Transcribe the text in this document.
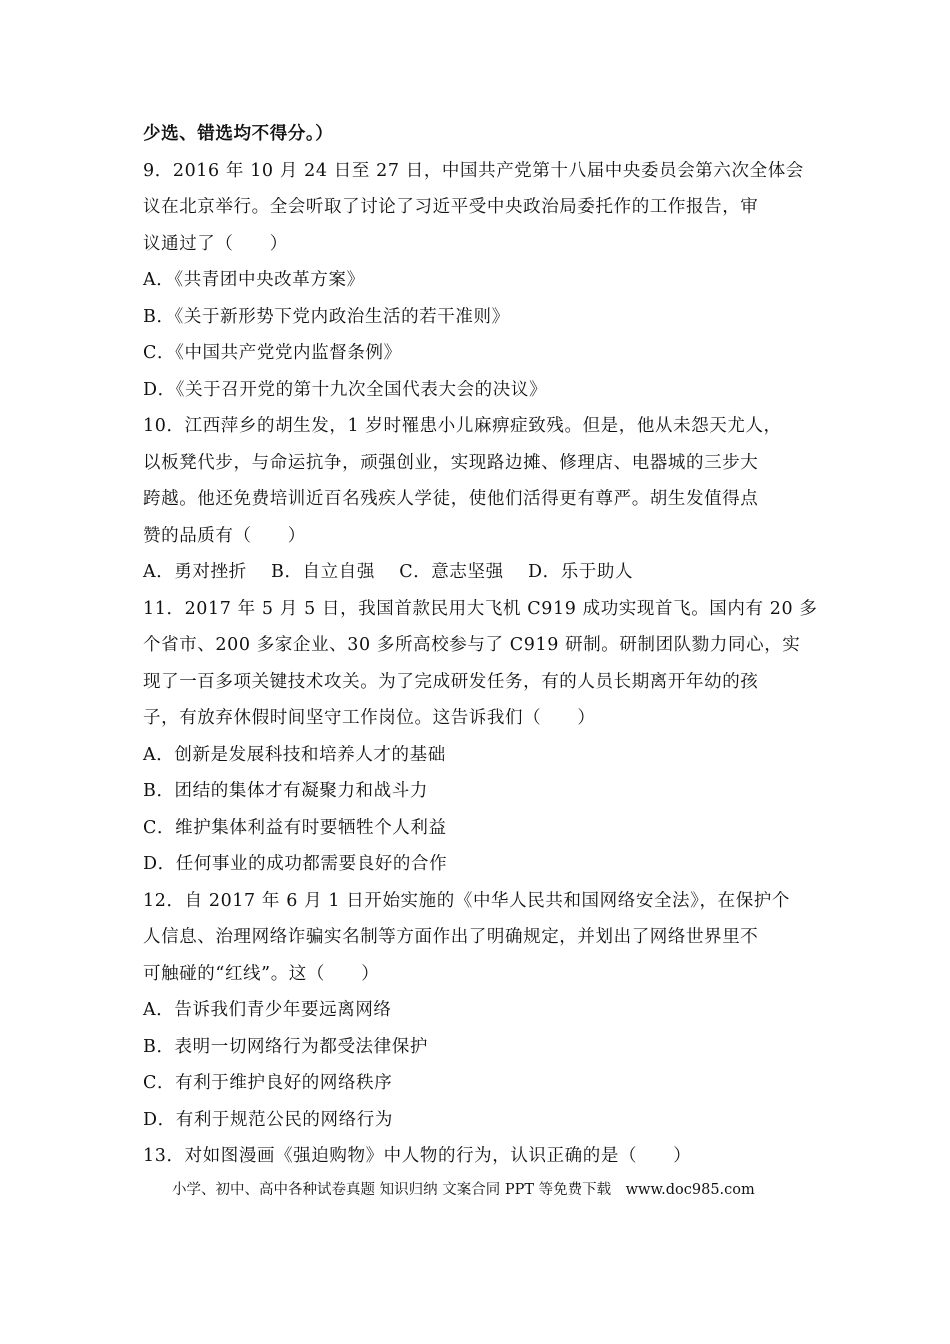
少选、错选均不得分。）
9．2016 年 10 月 24 日至 27 日，中国共产党第十八届中央委员会第六次全体会
议在北京举行。全会听取了讨论了习近平受中央政治局委托作的工作报告，审
议通过了（　　）
A．《共青团中央改革方案》
B．《关于新形势下党内政治生活的若干准则》
C．《中国共产党党内监督条例》
D．《关于召开党的第十九次全国代表大会的决议》
10．江西萍乡的胡生发，1 岁时罹患小儿麻痹症致残。但是，他从未怨天尤人，
以板凳代步，与命运抗争，顽强创业，实现路边摊、修理店、电器城的三步大
跨越。他还免费培训近百名残疾人学徒，使他们活得更有尊严。胡生发值得点
赞的品质有（　　）
A．勇对挫折　 B．自立自强　 C．意志坚强　 D．乐于助人
11．2017 年 5 月 5 日，我国首款民用大飞机 C919 成功实现首飞。国内有 20 多
个省市、200 多家企业、30 多所高校参与了 C919 研制。研制团队勠力同心，实
现了一百多项关键技术攻关。为了完成研发任务，有的人员长期离开年幼的孩
子，有放弃休假时间坚守工作岗位。这告诉我们（　　）
A．创新是发展科技和培养人才的基础
B．团结的集体才有凝聚力和战斗力
C．维护集体利益有时要牺牲个人利益
D．任何事业的成功都需要良好的合作
12．自 2017 年 6 月 1 日开始实施的《中华人民共和国网络安全法》，在保护个
人信息、治理网络诈骗实名制等方面作出了明确规定，并划出了网络世界里不
可触碰的“红线”。这（　　）
A．告诉我们青少年要远离网络
B．表明一切网络行为都受法律保护
C．有利于维护良好的网络秩序
D．有利于规范公民的网络行为
13．对如图漫画《强迫购物》中人物的行为，认识正确的是（　　）
小学、初中、高中各种试卷真题 知识归纳 文案合同 PPT 等免费下载　www.doc985.com
